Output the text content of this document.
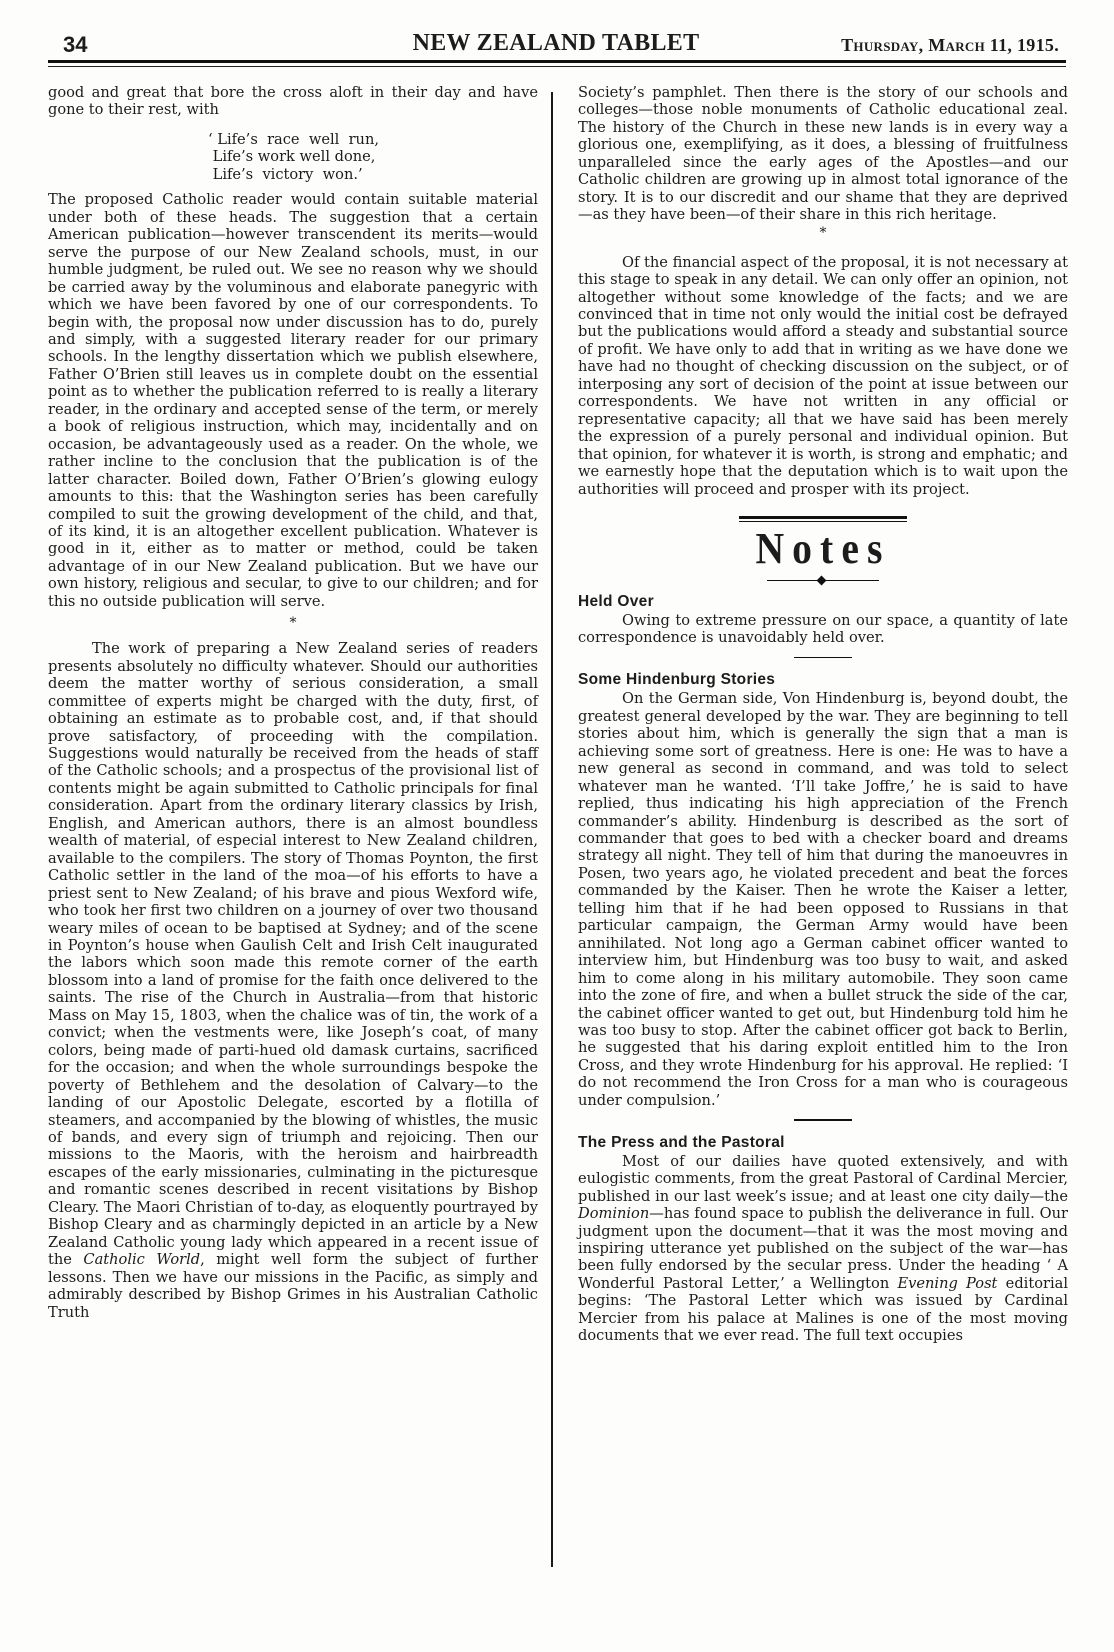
34	NEW ZEALAND TABLET	Thursday, March 11, 1915.

good and great that bore the cross aloft in their day and have gone to their rest, with

‘ Life’s  race  well  run,
Life’s work well done,
Life’s  victory  won.’

The proposed Catholic reader would contain suitable material under both of these heads. The suggestion that a certain American publication—however transcendent its merits—would serve the purpose of our New Zealand schools, must, in our humble judgment, be ruled out. We see no reason why we should be carried away by the voluminous and elaborate panegyric with which we have been favored by one of our correspondents. To begin with, the proposal now under discussion has to do, purely and simply, with a suggested literary reader for our primary schools. In the lengthy dissertation which we publish elsewhere, Father O’Brien still leaves us in complete doubt on the essential point as to whether the publication referred to is really a literary reader, in the ordinary and accepted sense of the term, or merely a book of religious instruction, which may, incidentally and on occasion, be advantageously used as a reader. On the whole, we rather incline to the conclusion that the publication is of the latter character. Boiled down, Father O’Brien’s glowing eulogy amounts to this: that the Washington series has been carefully compiled to suit the growing development of the child, and that, of its kind, it is an altogether excellent publication. Whatever is good in it, either as to matter or method, could be taken advantage of in our New Zealand publication. But we have our own history, religious and secular, to give to our children; and for this no outside publication will serve.

*

The work of preparing a New Zealand series of readers presents absolutely no difficulty whatever. Should our authorities deem the matter worthy of serious consideration, a small committee of experts might be charged with the duty, first, of obtaining an estimate as to probable cost, and, if that should prove satisfactory, of proceeding with the compilation. Suggestions would naturally be received from the heads of staff of the Catholic schools; and a prospectus of the provisional list of contents might be again submitted to Catholic principals for final consideration. Apart from the ordinary literary classics by Irish, English, and American authors, there is an almost boundless wealth of material, of especial interest to New Zealand children, available to the compilers. The story of Thomas Poynton, the first Catholic settler in the land of the moa—of his efforts to have a priest sent to New Zealand; of his brave and pious Wexford wife, who took her first two children on a journey of over two thousand weary miles of ocean to be baptised at Sydney; and of the scene in Poynton’s house when Gaulish Celt and Irish Celt inaugurated the labors which soon made this remote corner of the earth blossom into a land of promise for the faith once delivered to the saints. The rise of the Church in Australia—from that historic Mass on May 15, 1803, when the chalice was of tin, the work of a convict; when the vestments were, like Joseph’s coat, of many colors, being made of parti-hued old damask curtains, sacrificed for the occasion; and when the whole surroundings bespoke the poverty of Bethlehem and the desolation of Calvary—to the landing of our Apostolic Delegate, escorted by a flotilla of steamers, and accompanied by the blowing of whistles, the music of bands, and every sign of triumph and rejoicing. Then our missions to the Maoris, with the heroism and hairbreadth escapes of the early missionaries, culminating in the picturesque and romantic scenes described in recent visitations by Bishop Cleary. The Maori Christian of to-day, as eloquently pourtrayed by Bishop Cleary and as charmingly depicted in an article by a New Zealand Catholic young lady which appeared in a recent issue of the Catholic World, might well form the subject of further lessons. Then we have our missions in the Pacific, as simply and admirably described by Bishop Grimes in his Australian Catholic Truth

Society’s pamphlet. Then there is the story of our schools and colleges—those noble monuments of Catholic educational zeal. The history of the Church in these new lands is in every way a glorious one, exemplifying, as it does, a blessing of fruitfulness unparalleled since the early ages of the Apostles—and our Catholic children are growing up in almost total ignorance of the story. It is to our discredit and our shame that they are deprived—as they have been—of their share in this rich heritage.

*

Of the financial aspect of the proposal, it is not necessary at this stage to speak in any detail. We can only offer an opinion, not altogether without some knowledge of the facts; and we are convinced that in time not only would the initial cost be defrayed but the publications would afford a steady and substantial source of profit. We have only to add that in writing as we have done we have had no thought of checking discussion on the subject, or of interposing any sort of decision of the point at issue between our correspondents. We have not written in any official or representative capacity; all that we have said has been merely the expression of a purely personal and individual opinion. But that opinion, for whatever it is worth, is strong and emphatic; and we earnestly hope that the deputation which is to wait upon the authorities will proceed and prosper with its project.

Notes
Held Over

Owing to extreme pressure on our space, a quantity of late correspondence is unavoidably held over.

Some Hindenburg Stories

On the German side, Von Hindenburg is, beyond doubt, the greatest general developed by the war. They are beginning to tell stories about him, which is generally the sign that a man is achieving some sort of greatness. Here is one: He was to have a new general as second in command, and was told to select whatever man he wanted. ‘I’ll take Joffre,’ he is said to have replied, thus indicating his high appreciation of the French commander’s ability. Hindenburg is described as the sort of commander that goes to bed with a checker board and dreams strategy all night. They tell of him that during the manoeuvres in Posen, two years ago, he violated precedent and beat the forces commanded by the Kaiser. Then he wrote the Kaiser a letter, telling him that if he had been opposed to Russians in that particular campaign, the German Army would have been annihilated. Not long ago a German cabinet officer wanted to interview him, but Hindenburg was too busy to wait, and asked him to come along in his military automobile. They soon came into the zone of fire, and when a bullet struck the side of the car, the cabinet officer wanted to get out, but Hindenburg told him he was too busy to stop. After the cabinet officer got back to Berlin, he suggested that his daring exploit entitled him to the Iron Cross, and they wrote Hindenburg for his approval. He replied: ‘I do not recommend the Iron Cross for a man who is courageous under compulsion.’

The Press and the Pastoral

Most of our dailies have quoted extensively, and with eulogistic comments, from the great Pastoral of Cardinal Mercier, published in our last week’s issue; and at least one city daily—the Dominion—has found space to publish the deliverance in full. Our judgment upon the document—that it was the most moving and inspiring utterance yet published on the subject of the war—has been fully endorsed by the secular press. Under the heading ‘ A Wonderful Pastoral Letter,’ a Wellington Evening Post editorial begins: ‘The Pastoral Letter which was issued by Cardinal Mercier from his palace at Malines is one of the most moving documents that we ever read. The full text occupies
